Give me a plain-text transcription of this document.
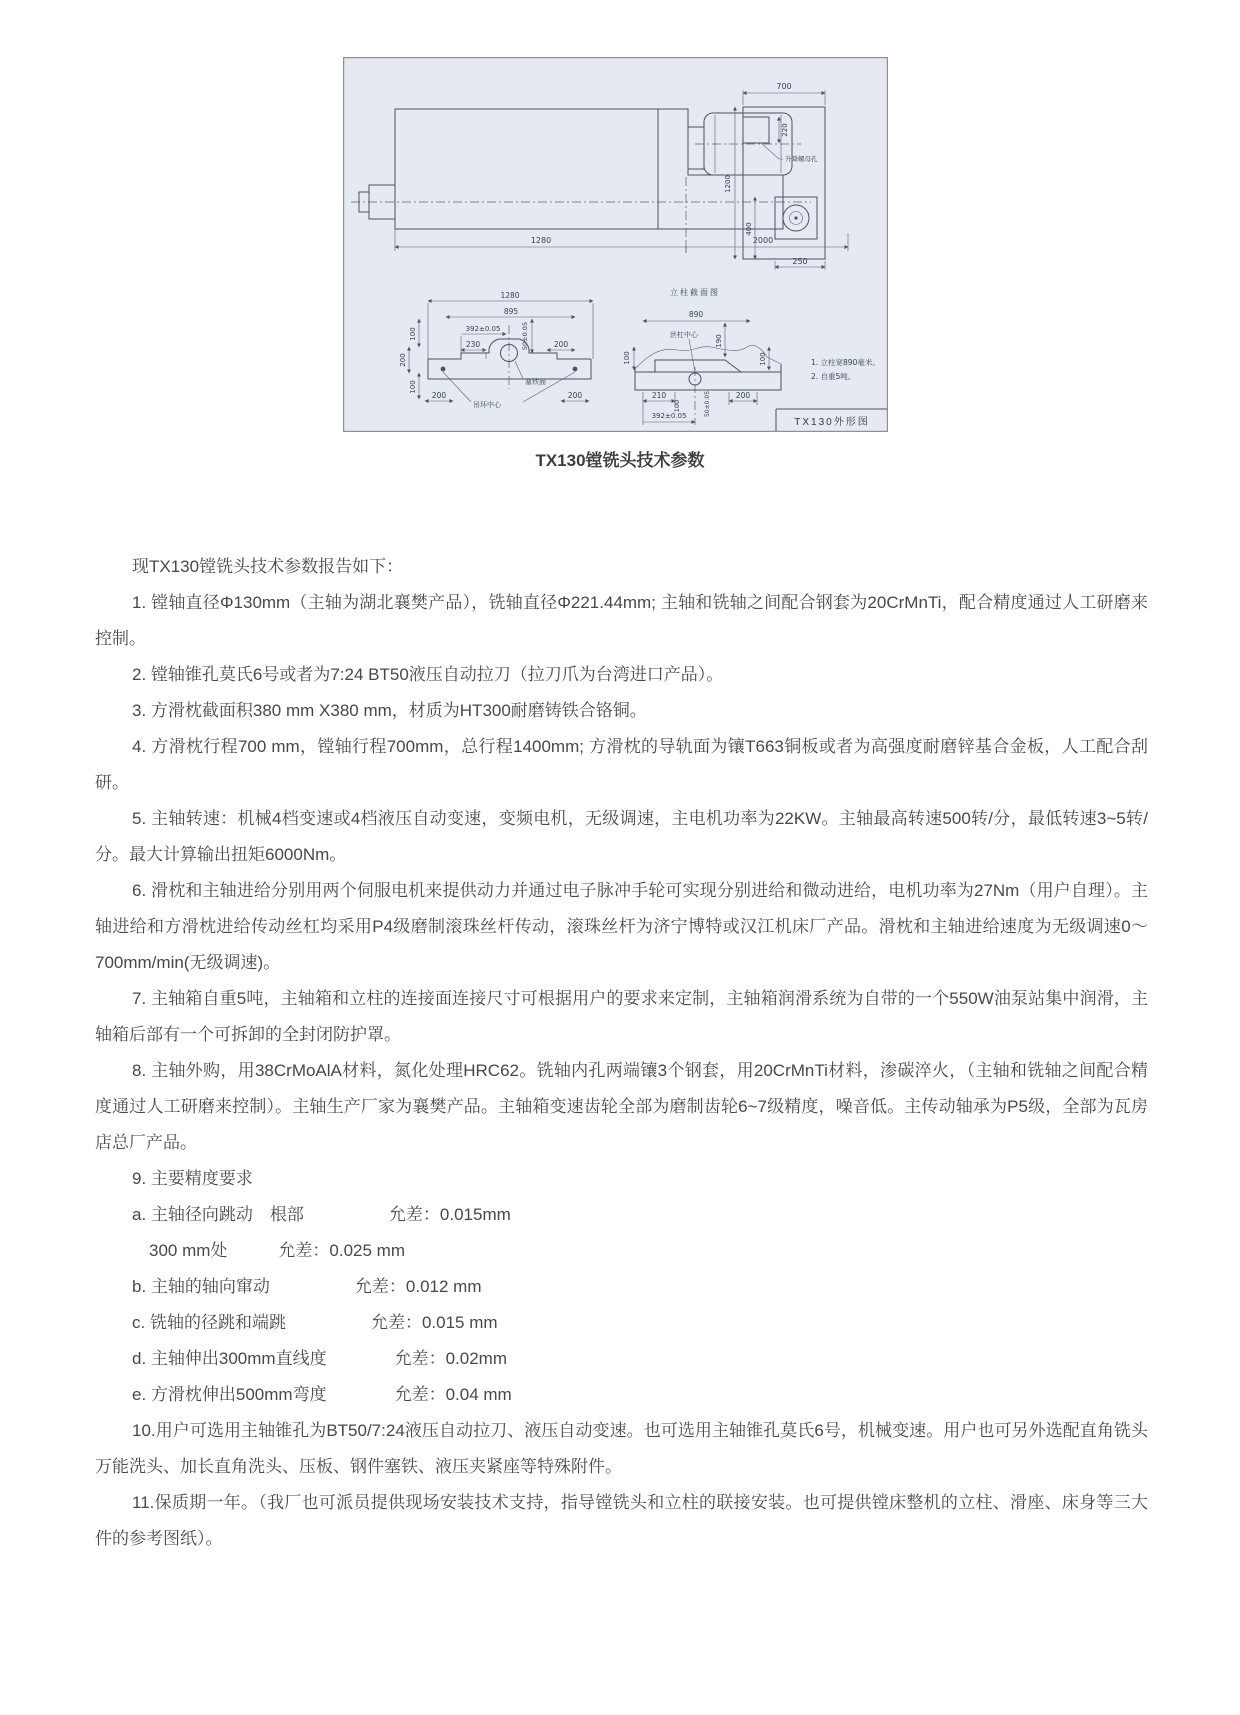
1280	2000
700
220
升降螺母孔
1200
400
250
立柱截面图
1280
895
392±0.05
230	50±0.05	200
100
200
100
200	200
吊环中心
塞铁面
890
丝杠中心 190
100	100
210
100	50±0.05	200
392±0.05
1. 立柱宽890毫米。
2. 自重5吨。
TX130外形图
TX130镗铣头技术参数

现TX130镗铣头技术参数报告如下：

1. 镗轴直径Φ130mm（主轴为湖北襄樊产品），铣轴直径Φ221.44mm; 主轴和铣轴之间配合钢套为20CrMnTi，配合精度通过人工研磨来控制。

2. 镗轴锥孔莫氏6号或者为7:24 BT50液压自动拉刀（拉刀爪为台湾进口产品）。

3. 方滑枕截面积380 mm X380 mm，材质为HT300耐磨铸铁合铬铜。

4. 方滑枕行程700 mm，镗轴行程700mm，总行程1400mm; 方滑枕的导轨面为镶T663铜板或者为高强度耐磨锌基合金板，人工配合刮研。

5. 主轴转速：机械4档变速或4档液压自动变速，变频电机，无级调速，主电机功率为22KW。主轴最高转速500转/分，最低转速3~5转/分。最大计算输出扭矩6000Nm。

6. 滑枕和主轴进给分别用两个伺服电机来提供动力并通过电子脉冲手轮可实现分别进给和微动进给，电机功率为27Nm（用户自理）。主轴进给和方滑枕进给传动丝杠均采用P4级磨制滚珠丝杆传动，滚珠丝杆为济宁博特或汉江机床厂产品。滑枕和主轴进给速度为无级调速0～700mm/min(无级调速)。

7. 主轴箱自重5吨，主轴箱和立柱的连接面连接尺寸可根据用户的要求来定制，主轴箱润滑系统为自带的一个550W油泵站集中润滑，主轴箱后部有一个可拆卸的全封闭防护罩。

8. 主轴外购，用38CrMoAlA材料，氮化处理HRC62。铣轴内孔两端镶3个钢套，用20CrMnTi材料，渗碳淬火，（主轴和铣轴之间配合精度通过人工研磨来控制）。主轴生产厂家为襄樊产品。主轴箱变速齿轮全部为磨制齿轮6~7级精度，噪音低。主传动轴承为P5级，全部为瓦房店总厂产品。

9. 主要精度要求

a. 主轴径向跳动　根部　　　　　允差：0.015mm

　300 mm处　　　允差：0.025 mm

b. 主轴的轴向窜动　　　　　允差：0.012 mm

c. 铣轴的径跳和端跳　　　　　允差：0.015 mm

d. 主轴伸出300mm直线度　　　　允差：0.02mm

e. 方滑枕伸出500mm弯度　　　　允差：0.04 mm

10.用户可选用主轴锥孔为BT50/7:24液压自动拉刀、液压自动变速。也可选用主轴锥孔莫氏6号，机械变速。用户也可另外选配直角铣头万能洗头、加长直角洗头、压板、钢件塞铁、液压夹紧座等特殊附件。

11.保质期一年。（我厂也可派员提供现场安装技术支持，指导镗铣头和立柱的联接安装。也可提供镗床整机的立柱、滑座、床身等三大件的参考图纸）。
